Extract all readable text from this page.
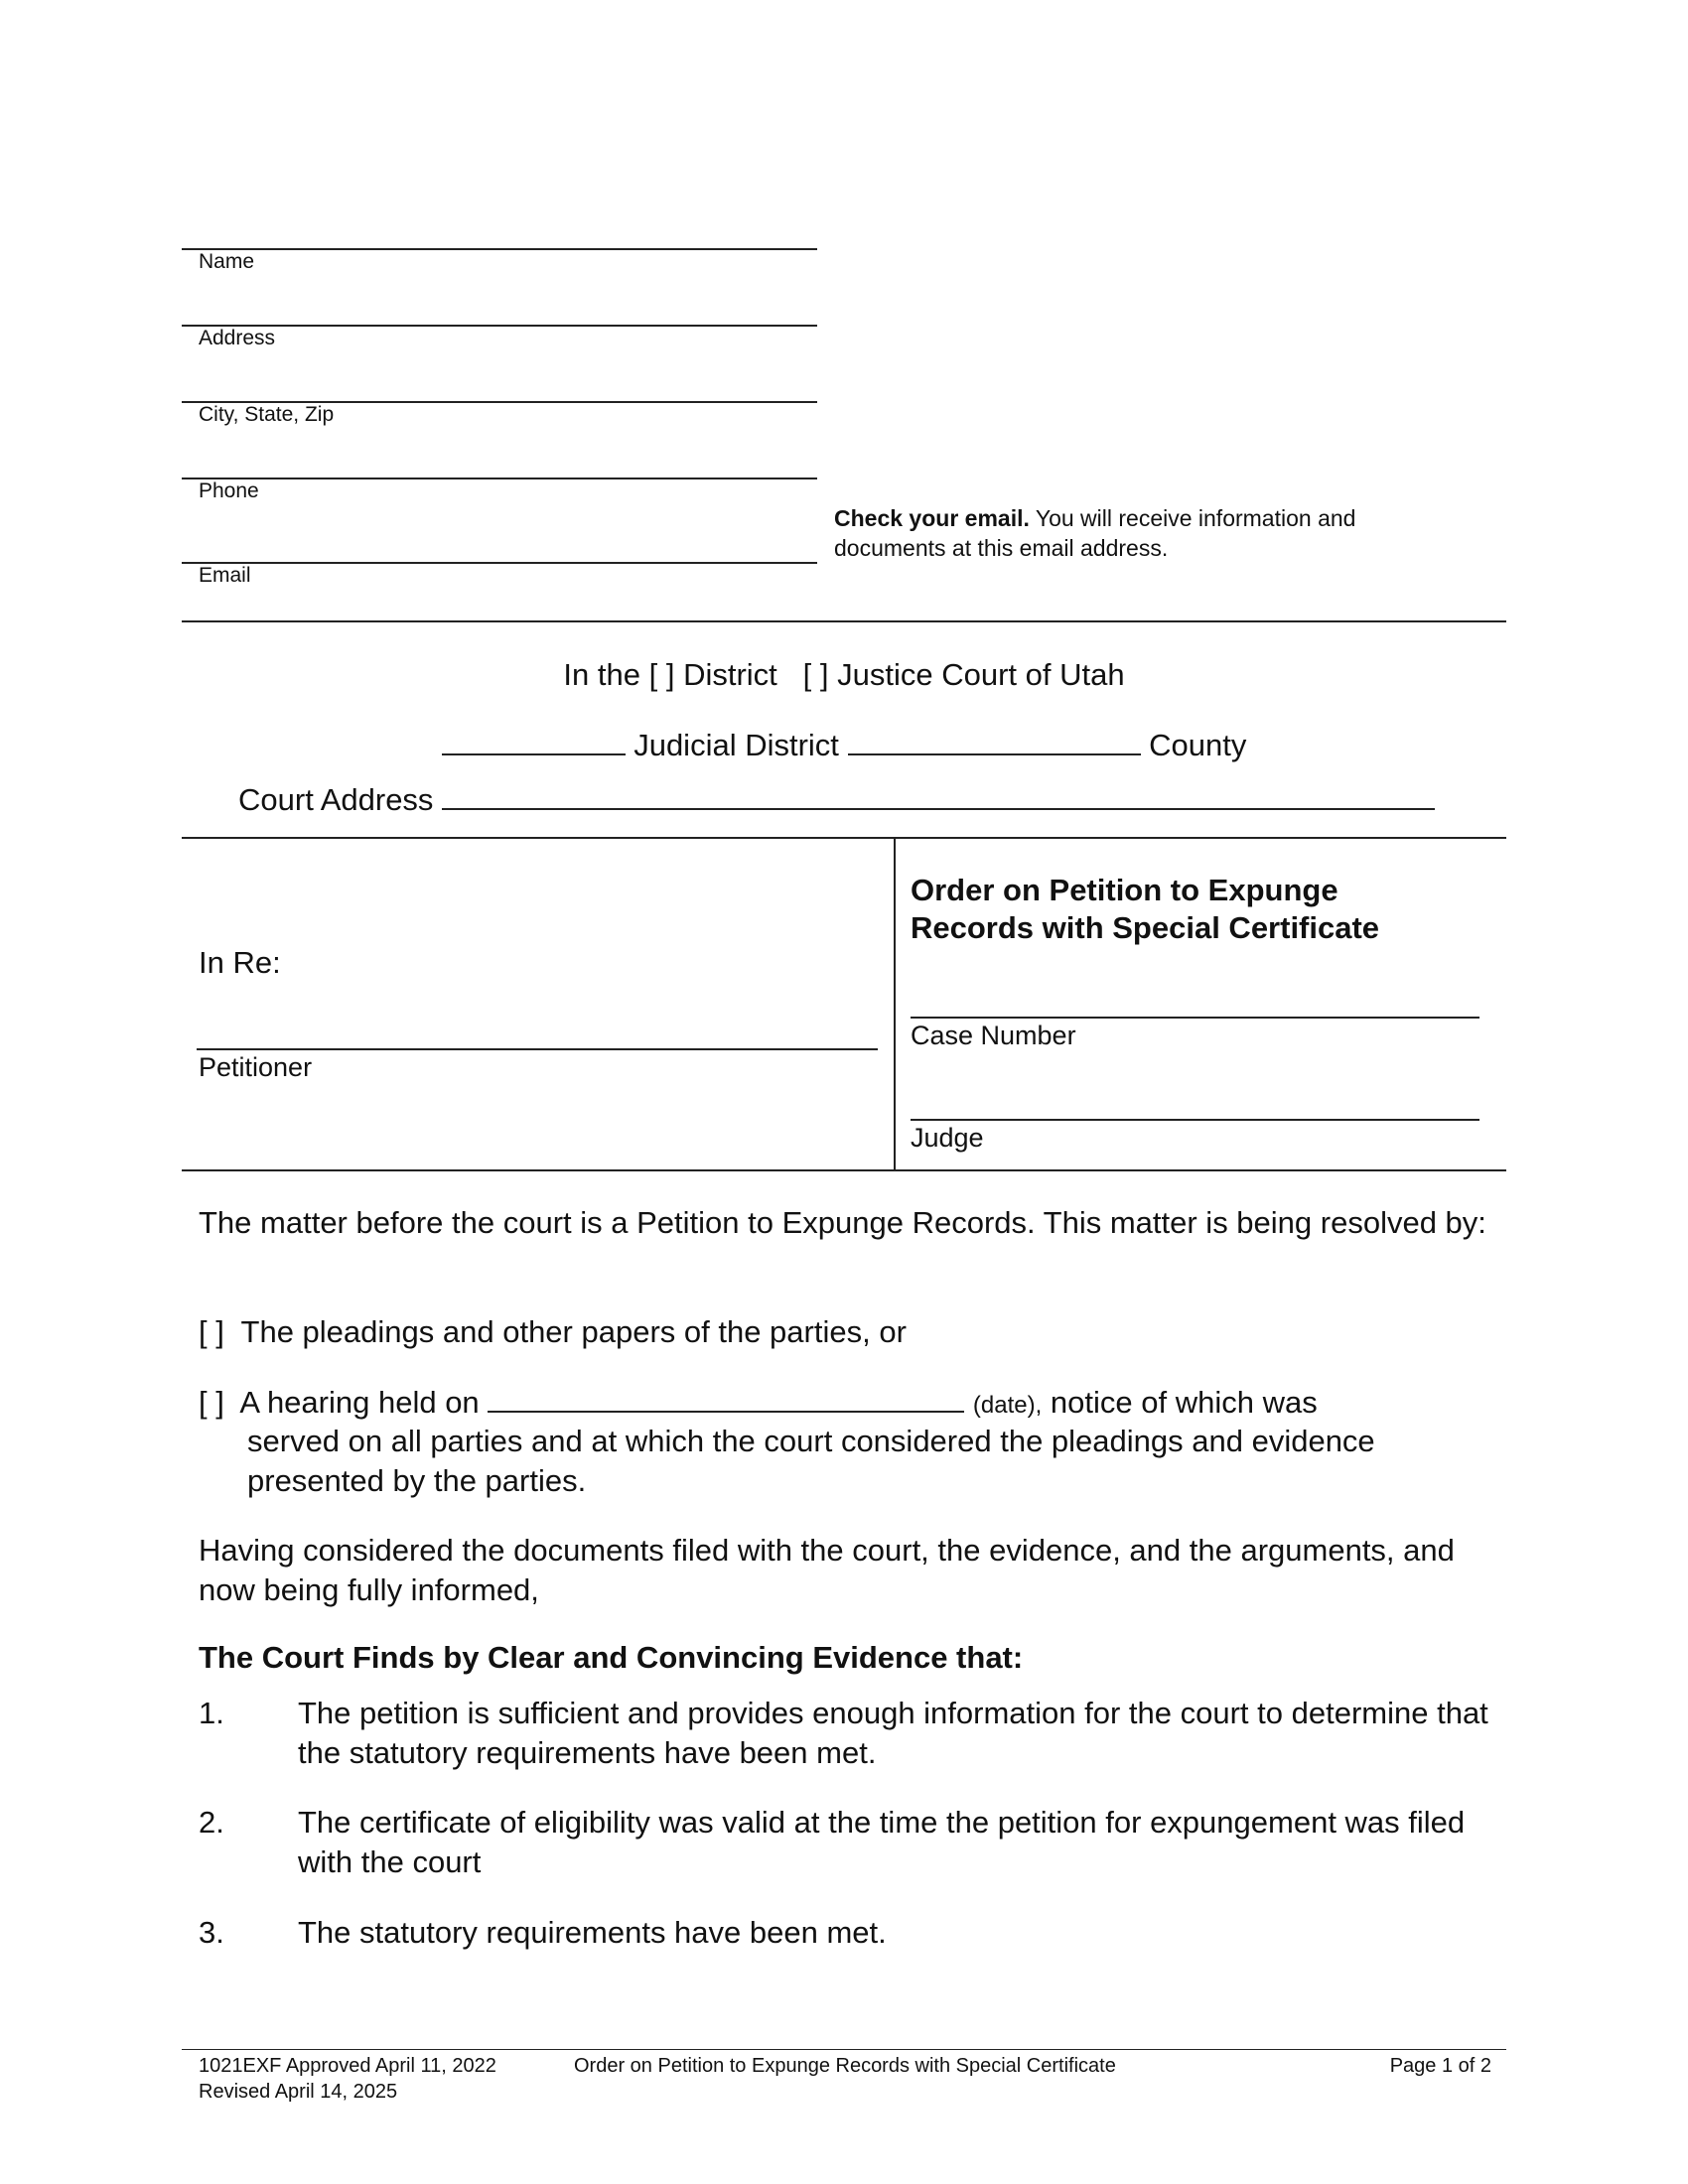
Name
Address
City, State, Zip
Phone
Email
Check your email. You will receive information and documents at this email address.
In the [ ] District [ ] Justice Court of Utah
Judicial District	County
Court Address
In Re:
Petitioner
Order on Petition to Expunge Records with Special Certificate
Case Number
Judge
The matter before the court is a Petition to Expunge Records. This matter is being resolved by:
[ ] The pleadings and other papers of the parties, or
[ ] A hearing held on	(date), notice of which was
served on all parties and at which the court considered the pleadings and evidence presented by the parties.
Having considered the documents filed with the court, the evidence, and the arguments, and now being fully informed,
The Court Finds by Clear and Convincing Evidence that:
1. The petition is sufficient and provides enough information for the court to determine that the statutory requirements have been met.
2. The certificate of eligibility was valid at the time the petition for expungement was filed with the court
3. The statutory requirements have been met.
1021EXF Approved April 11, 2022
Revised April 14, 2025
Order on Petition to Expunge Records with Special Certificate	Page 1 of 2
